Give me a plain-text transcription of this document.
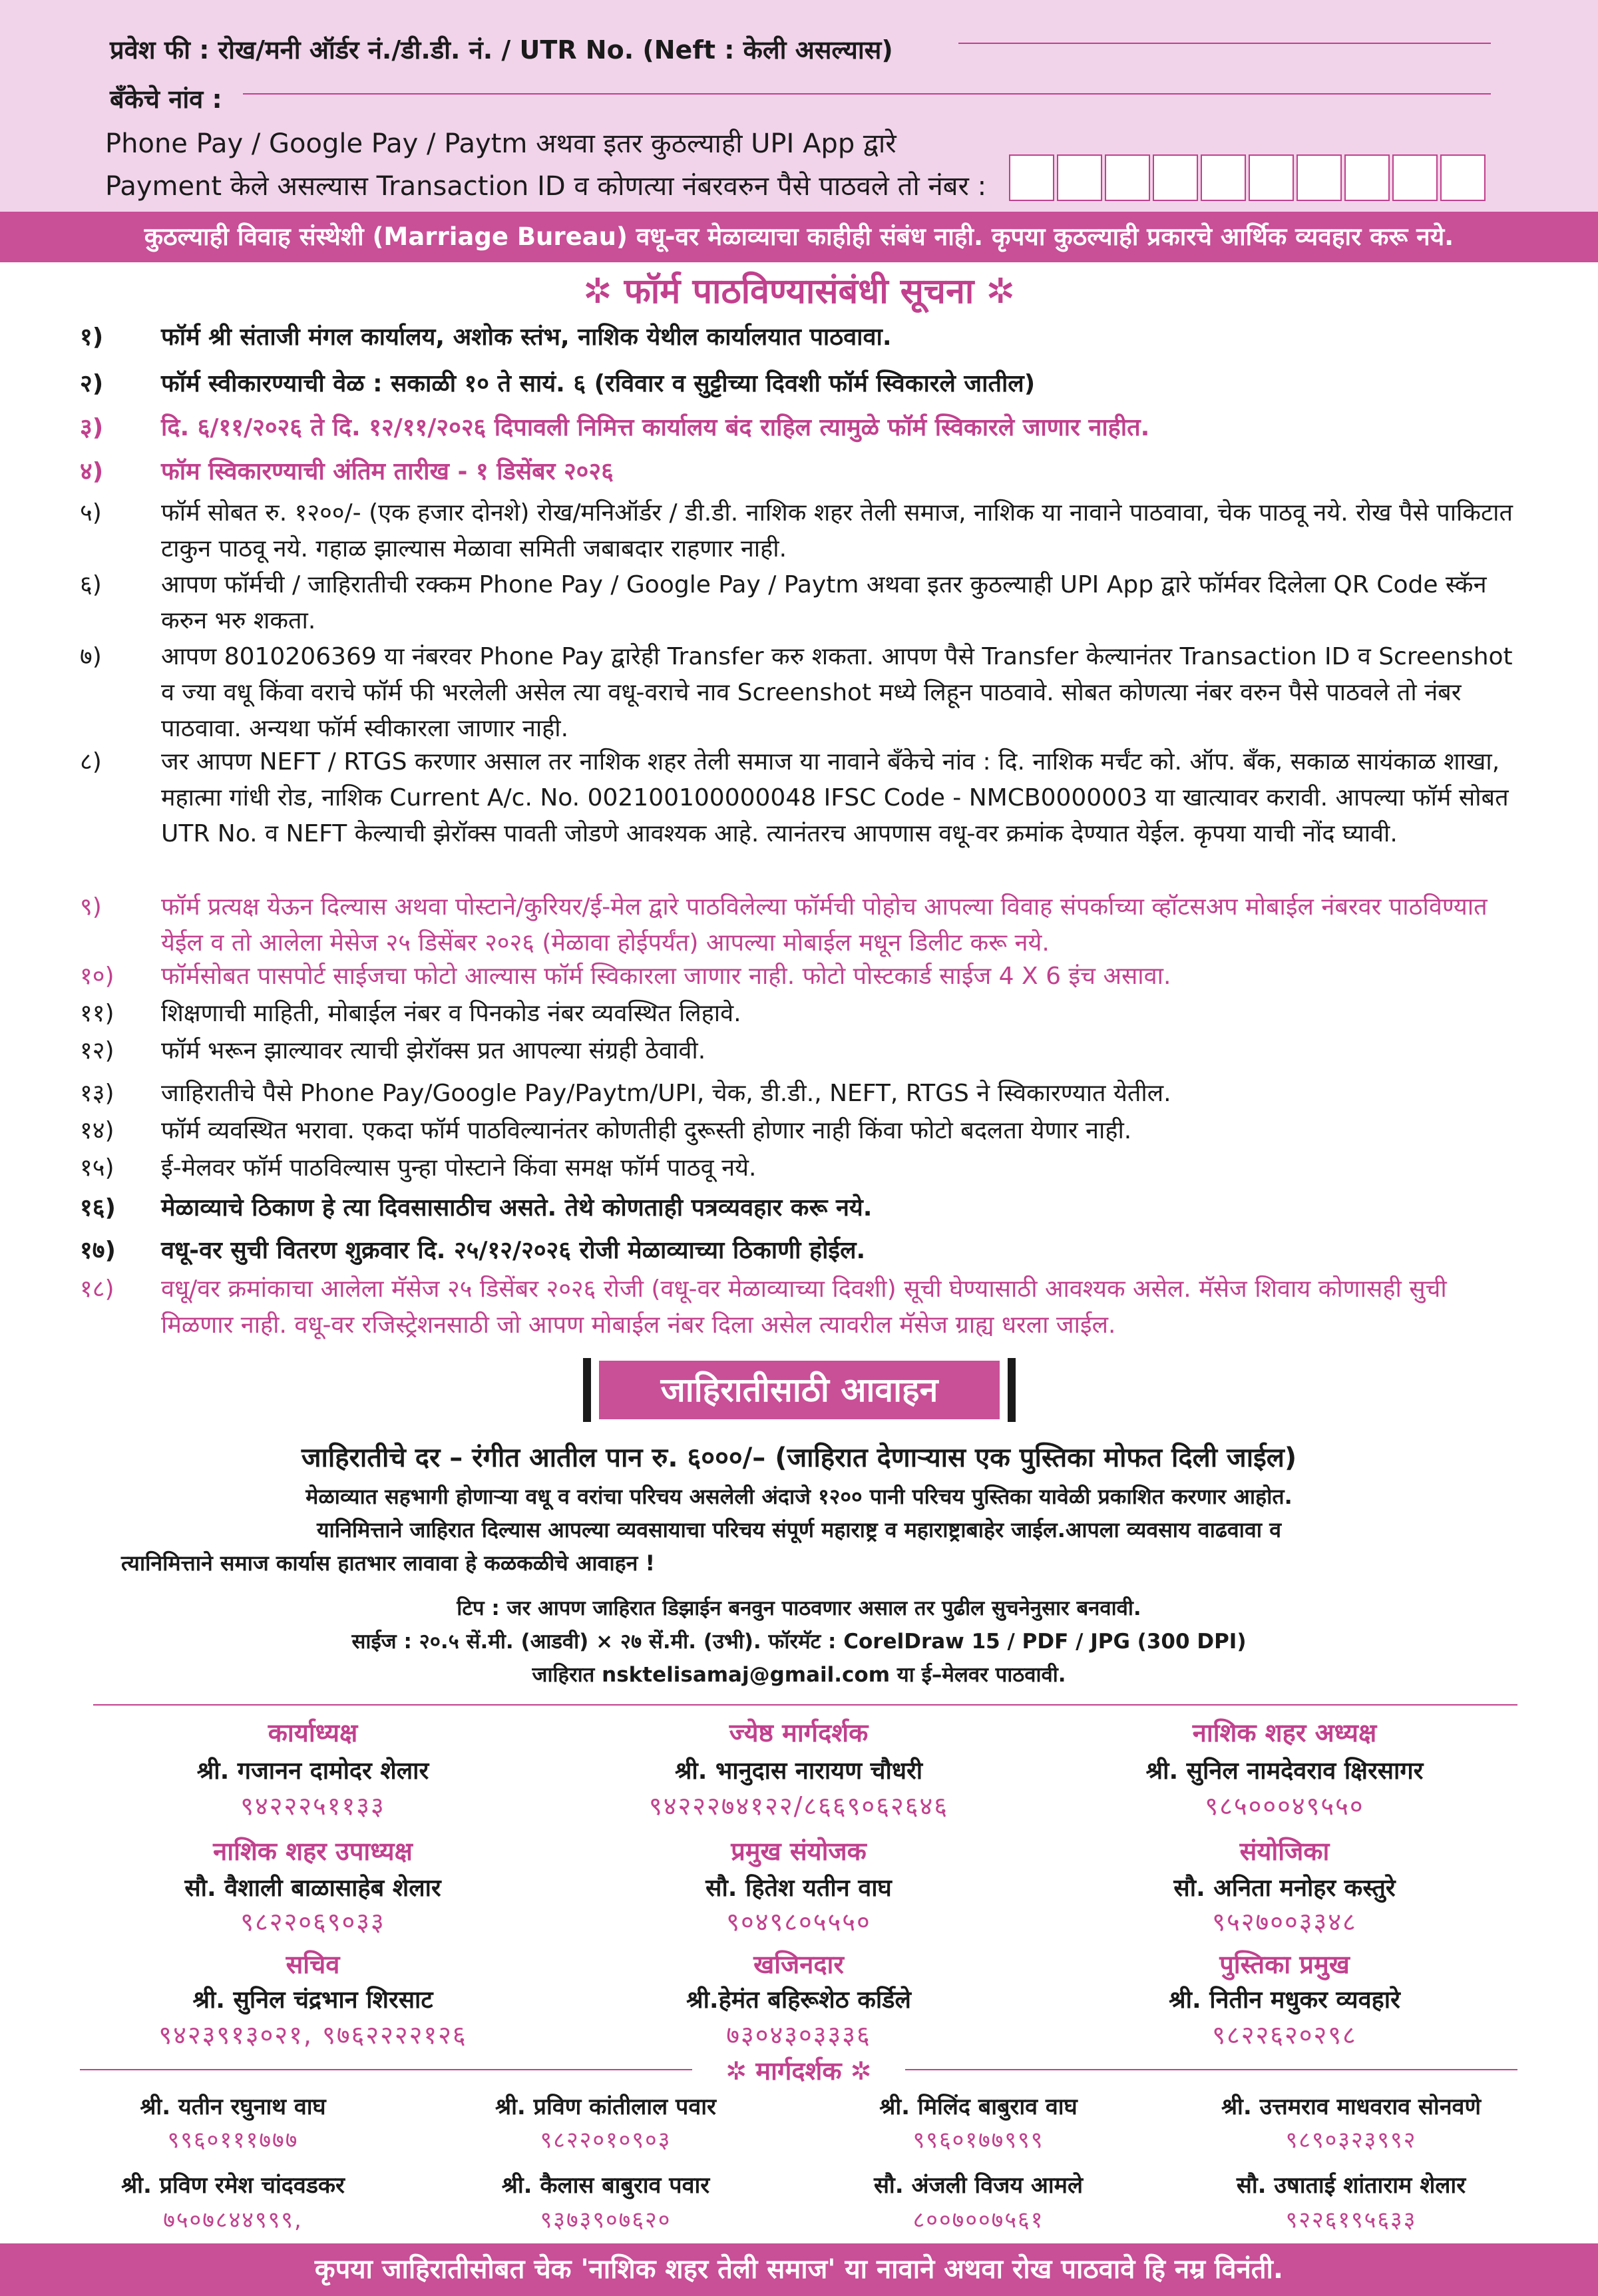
प्रवेश फी : रोख/मनी ऑर्डर नं./डी.डी. नं. / UTR No. (Neft : केली असल्यास)
बँकेचे नांव :
Phone Pay / Google Pay / Paytm अथवा इतर कुठल्याही UPI App द्वारे
Payment केले असल्यास Transaction ID व कोणत्या नंबरवरुन पैसे पाठवले तो नंबर :
कुठल्याही विवाह संस्थेशी (Marriage Bureau) वधू-वर मेळाव्याचा काहीही संबंध नाही. कृपया कुठल्याही प्रकारचे आर्थिक व्यवहार करू नये.
✲ फॉर्म पाठविण्यासंबंधी सूचना ✲
१)	फॉर्म श्री संताजी मंगल कार्यालय, अशोक स्तंभ, नाशिक येथील कार्यालयात पाठवावा.
२)	फॉर्म स्वीकारण्याची वेळ : सकाळी १० ते सायं. ६ (रविवार व सुट्टीच्या दिवशी फॉर्म स्विकारले जातील)
३)	दि. ६/११/२०२६ ते दि. १२/११/२०२६ दिपावली निमित्त कार्यालय बंद राहिल त्यामुळे फॉर्म स्विकारले जाणार नाहीत.
४)	फॉम स्विकारण्याची अंतिम तारीख - १ डिसेंबर २०२६
५)	फॉर्म सोबत रु. १२००/- (एक हजार दोनशे) रोख/मनिऑर्डर / डी.डी. नाशिक शहर तेली समाज, नाशिक या नावाने पाठवावा, चेक पाठवू नये. रोख पैसे पाकिटात टाकुन पाठवू नये. गहाळ झाल्यास मेळावा समिती जबाबदार राहणार नाही.
६)	आपण फॉर्मची / जाहिरातीची रक्कम Phone Pay / Google Pay / Paytm अथवा इतर कुठल्याही UPI App द्वारे फॉर्मवर दिलेला QR Code स्कॅन करुन भरु शकता.
७)	आपण 8010206369 या नंबरवर Phone Pay द्वारेही Transfer करु शकता. आपण पैसे Transfer केल्यानंतर Transaction ID व Screenshot व ज्या वधू किंवा वराचे फॉर्म फी भरलेली असेल त्या वधू-वराचे नाव Screenshot मध्ये लिहून पाठवावे. सोबत कोणत्या नंबर वरुन पैसे पाठवले तो नंबर पाठवावा. अन्यथा फॉर्म स्वीकारला जाणार नाही.
८)	जर आपण NEFT / RTGS करणार असाल तर नाशिक शहर तेली समाज या नावाने बँकेचे नांव : दि. नाशिक मर्चंट को. ऑप. बँक, सकाळ सायंकाळ शाखा, महात्मा गांधी रोड, नाशिक Current A/c. No. 002100100000048 IFSC Code - NMCB0000003 या खात्यावर करावी. आपल्या फॉर्म सोबत UTR No. व NEFT केल्याची झेरॉक्स पावती जोडणे आवश्यक आहे. त्यानंतरच आपणास वधू-वर क्रमांक देण्यात येईल. कृपया याची नोंद घ्यावी.
९)	फॉर्म प्रत्यक्ष येऊन दिल्यास अथवा पोस्टाने/कुरियर/ई-मेल द्वारे पाठविलेल्या फॉर्मची पोहोच आपल्या विवाह संपर्काच्या व्हॉटसअप मोबाईल नंबरवर पाठविण्यात येईल व तो आलेला मेसेज २५ डिसेंबर २०२६ (मेळावा होईपर्यंत) आपल्या मोबाईल मधून डिलीट करू नये.
१०)	फॉर्मसोबत पासपोर्ट साईजचा फोटो आल्यास फॉर्म स्विकारला जाणार नाही. फोटो पोस्टकार्ड साईज 4 X 6 इंच असावा.
११)	शिक्षणाची माहिती, मोबाईल नंबर व पिनकोड नंबर व्यवस्थित लिहावे.
१२)	फॉर्म भरून झाल्यावर त्याची झेरॉक्स प्रत आपल्या संग्रही ठेवावी.
१३)	जाहिरातीचे पैसे Phone Pay/Google Pay/Paytm/UPI, चेक, डी.डी., NEFT, RTGS ने स्विकारण्यात येतील.
१४)	फॉर्म व्यवस्थित भरावा. एकदा फॉर्म पाठविल्यानंतर कोणतीही दुरूस्ती होणार नाही किंवा फोटो बदलता येणार नाही.
१५)	ई-मेलवर फॉर्म पाठविल्यास पुन्हा पोस्टाने किंवा समक्ष फॉर्म पाठवू नये.
१६)	मेळाव्याचे ठिकाण हे त्या दिवसासाठीच असते. तेथे कोणताही पत्रव्यवहार करू नये.
१७)	वधू-वर सुची वितरण शुक्रवार दि. २५/१२/२०२६ रोजी मेळाव्याच्या ठिकाणी होईल.
१८)	वधू/वर क्रमांकाचा आलेला मॅसेज २५ डिसेंबर २०२६ रोजी (वधू-वर मेळाव्याच्या दिवशी) सूची घेण्यासाठी आवश्यक असेल. मॅसेज शिवाय कोणासही सुची मिळणार नाही. वधू-वर रजिस्ट्रेशनसाठी जो आपण मोबाईल नंबर दिला असेल त्यावरील मॅसेज ग्राह्य धरला जाईल.
जाहिरातीसाठी आवाहन
जाहिरातीचे दर – रंगीत आतील पान रु. ६०००/– (जाहिरात देणाऱ्यास एक पुस्तिका मोफत दिली जाईल)
मेळाव्यात सहभागी होणाऱ्या वधू व वरांचा परिचय असलेली अंदाजे १२०० पानी परिचय पुस्तिका यावेळी प्रकाशित करणार आहोत.
यानिमित्ताने जाहिरात दिल्यास आपल्या व्यवसायाचा परिचय संपूर्ण महाराष्ट्र व महाराष्ट्राबाहेर जाईल.आपला व्यवसाय वाढवावा व
त्यानिमित्ताने समाज कार्यास हातभार लावावा हे कळकळीचे आवाहन !
टिप : जर आपण जाहिरात डिझाईन बनवुन पाठवणार असाल तर पुढील सुचनेनुसार बनवावी.
साईज : २०.५ सें.मी. (आडवी) × २७ सें.मी. (उभी). फॉरमॅट : CorelDraw 15 / PDF / JPG (300 DPI)
जाहिरात nsktelisamaj@gmail.com या ई–मेलवर पाठवावी.
कार्याध्यक्ष
श्री. गजानन दामोदर शेलार
९४२२२५११३३
ज्येष्ठ मार्गदर्शक
श्री. भानुदास नारायण चौधरी
९४२२२७४१२२/८६६९०६२६४६
नाशिक शहर अध्यक्ष
श्री. सुनिल नामदेवराव क्षिरसागर
९८५०००४९५५०
नाशिक शहर उपाध्यक्ष
सौ. वैशाली बाळासाहेब शेलार
९८२२०६९०३३
प्रमुख संयोजक
सौ. हितेश यतीन वाघ
९०४९८०५५५०
संयोजिका
सौ. अनिता मनोहर कस्तुरे
९५२७००३३४८
सचिव
श्री. सुनिल चंद्रभान शिरसाट
९४२३९१३०२१, ९७६२२२२१२६
खजिनदार
श्री.हेमंत बहिरूशेठ कर्डिले
७३०४३०३३३६
पुस्तिका प्रमुख
श्री. नितीन मधुकर व्यवहारे
९८२२६२०२९८
✲ मार्गदर्शक ✲
श्री. यतीन रघुनाथ वाघ
९९६०१११७७७
श्री. प्रविण कांतीलाल पवार
९८२२०१०९०३
श्री. मिलिंद बाबुराव वाघ
९९६०१७७९९९
श्री. उत्तमराव माधवराव सोनवणे
९८९०३२३९९२
श्री. प्रविण रमेश चांदवडकर
७५०७८४४९९९,
श्री. कैलास बाबुराव पवार
९३७३९०७६२०
सौ. अंजली विजय आमले
८००७००७५६१
सौ. उषाताई शांताराम शेलार
९२२६१९५६३३
कृपया जाहिरातीसोबत चेक 'नाशिक शहर तेली समाज' या नावाने अथवा रोख पाठवावे हि नम्र विनंती.
